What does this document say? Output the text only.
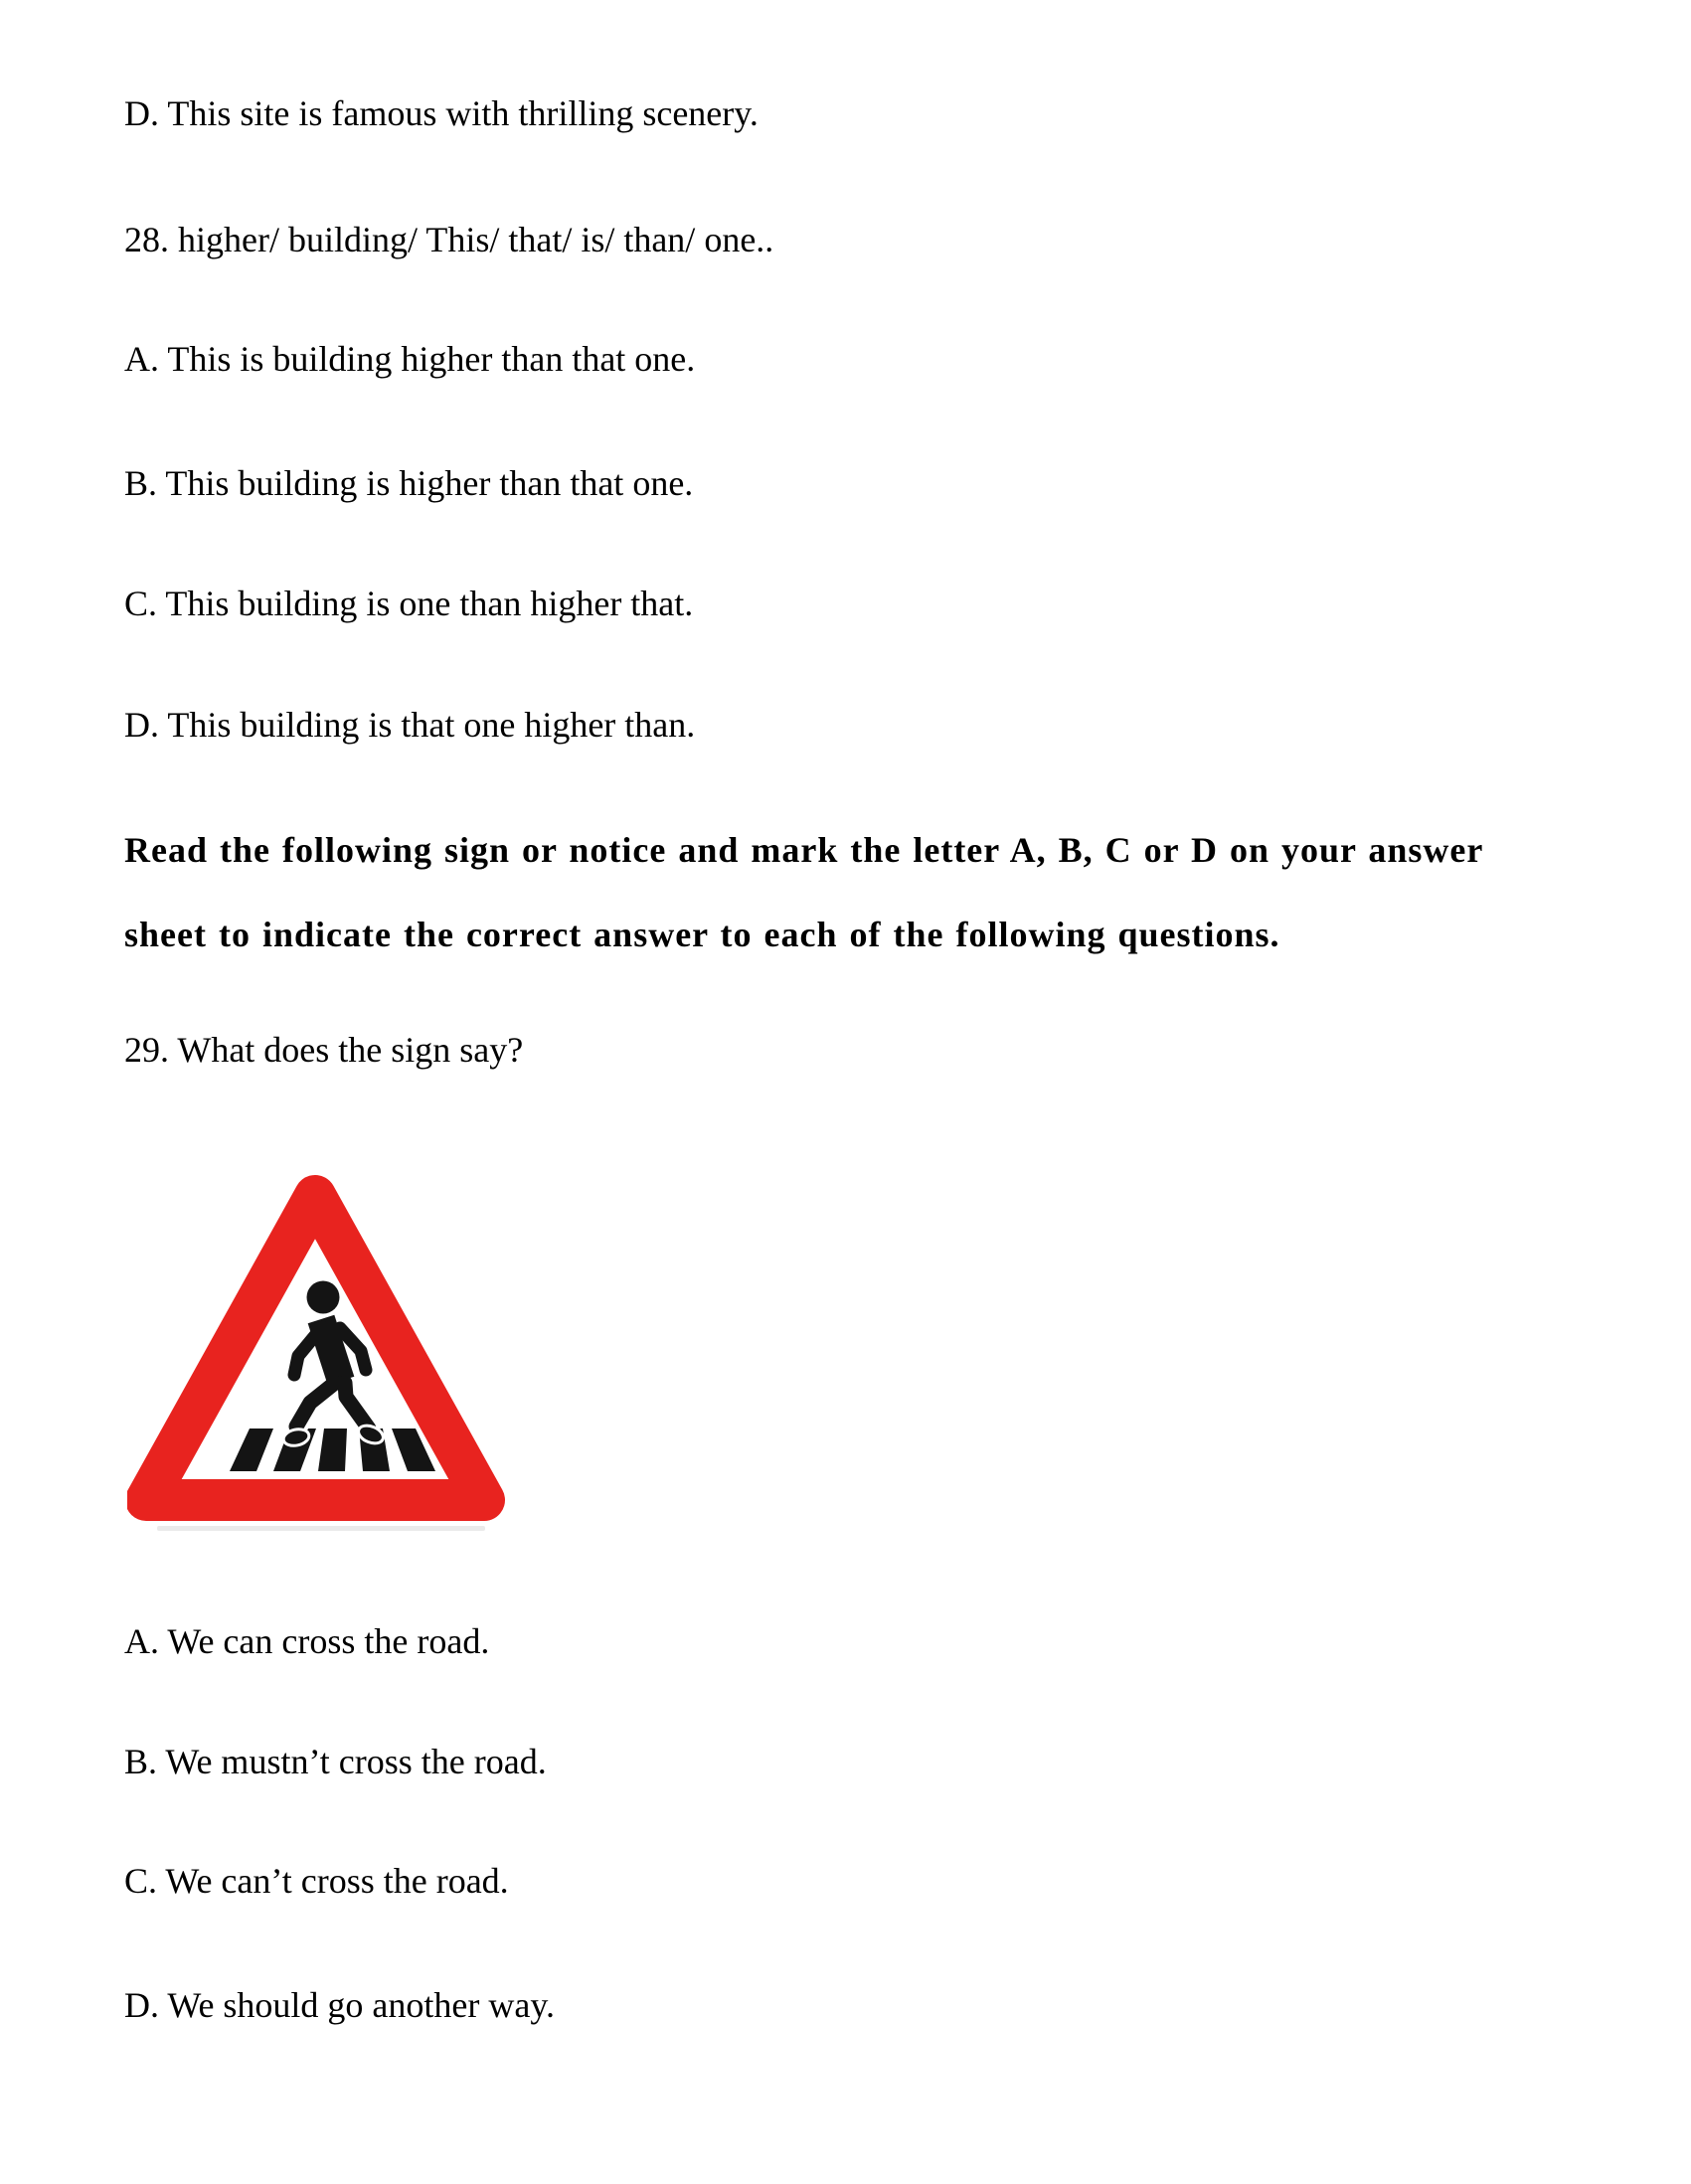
D. This site is famous with thrilling scenery.
28. higher/ building/ This/ that/ is/ than/ one..
A. This is building higher than that one.
B. This building is higher than that one.
C. This building is one than higher that.
D. This building is that one higher than.
Read the following sign or notice and mark the letter A, B, C or D on your answer
sheet to indicate the correct answer to each of the following questions.
29. What does the sign say?
A. We can cross the road.
B. We mustn’t cross the road.
C. We can’t cross the road.
D. We should go another way.
